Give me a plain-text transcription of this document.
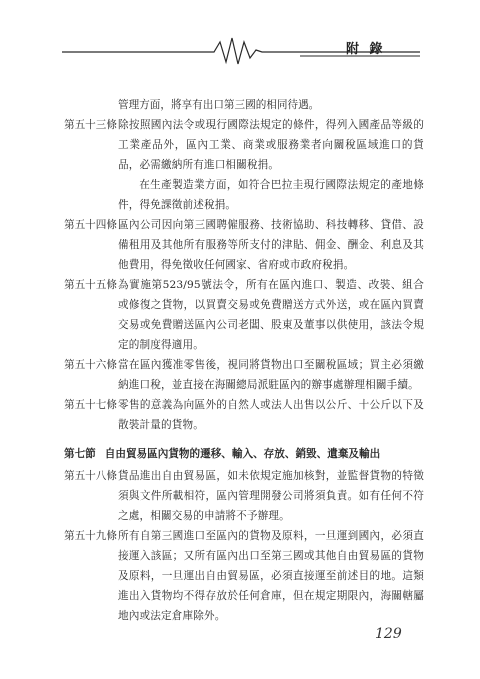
附 錄
管理方面，將享有出口第三國的相同待遇。
第五十三條 除按照國內法令或現行國際法規定的條件，得列入國產品等級的工業產品外，區內工業、商業或服務業者向關稅區域進口的貨品，必需繳納所有進口相關稅捐。
在生產製造業方面，如符合巴拉圭現行國際法規定的產地條件，得免課徵前述稅捐。
第五十四條 區內公司因向第三國聘僱服務、技術協助、科技轉移、貸借、設備租用及其他所有服務等所支付的津貼、佣金、酬金、利息及其他費用，得免徵收任何國家、省府或市政府稅捐。
第五十五條 為實施第523/95號法令，所有在區內進口、製造、改裝、組合或修復之貨物，以買賣交易或免費贈送方式外送，或在區內買賣交易或免費贈送區內公司老闆、股東及董事以供使用，該法令規定的制度得適用。
第五十六條 當在區內獲准零售後，視同將貨物出口至關稅區域；買主必須繳納進口稅，並直接在海關總局派駐區內的辦事處辦理相關手續。
第五十七條 零售的意義為向區外的自然人或法人出售以公斤、十公斤以下及散裝計量的貨物。
第七節 自由貿易區內貨物的遷移、輸入、存放、銷毀、遺棄及輸出
第五十八條 貨品進出自由貿易區，如未依規定施加核對，並監督貨物的特徵須與文件所載相符，區內管理開發公司將須負責。如有任何不符之處，相關交易的申請將不予辦理。
第五十九條 所有自第三國進口至區內的貨物及原料，一旦運到國內，必須直接運入該區；又所有區內出口至第三國或其他自由貿易區的貨物及原料，一旦運出自由貿易區，必須直接運至前述目的地。這類進出入貨物均不得存放於任何倉庫，但在規定期限內，海關轄屬地內或法定倉庫除外。
129
